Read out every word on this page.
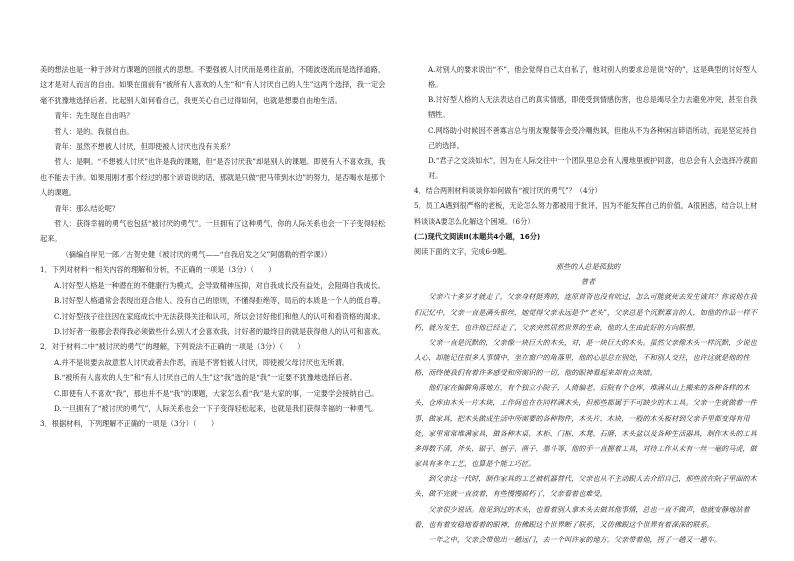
美的想法也是一种于涉对方课题的回报式的思想。不要强被人讨厌而是勇往直前，不随波逐流而是选择道路，这才是对人而言的自由。如果在面前有“被所有人喜欢的人生”和“有人讨厌自己的人生”这两个选择，我一定会毫不犹豫地选择后者。比起别人如何看自己，我更关心自己过得如何，也就是想要自由地生活。

青年：先生现在自由吗？

哲人：是的。我很自由。

青年：虽然不想被人讨厌，但即使被人讨厌也没有关系？

哲人：是啊。“不想被人讨厌”也许是我的课题，但“是否讨厌我”却是别人的课题。即使有人不喜欢我，我也不能去干涉。如果用刚才那个经过的那个谚语说的话，那就是只做“把马带到水边”的努力，是否喝水是那个人的课题。

青年：那么结论呢？

哲人：获得幸福的勇气也包括“被讨厌的勇气”。一旦拥有了这种勇气，你的人际关系也会一下子变得轻松起来。

（摘编自岸见一郎／古贺史健《被讨厌的勇气——“自我启发之父”阿德勒的哲学课》）

1．下列对材料一相关内容的理解和分析，不正确的一项是（3分）（　　）

A.讨好型人格是一种潜在的不健康行为模式，会导致精神压抑，对自我成长没有益处，会阻碍自我成长。

B.讨好型人格通常会表现出迎合他人、没有自己的原则，不懂得拒绝等，局后的本质是一个人的低自尊。

C.讨好型孩子往往因在家庭成长中无法获得关注和认可，所以会讨好他们和他人的认可和看资格的渴求。

D.讨好者一般都会表得我必须做些什么别人才会喜欢我，讨好者的最终目的就是获得他人的认可和喜欢。

2．对于材料二中“被讨厌的勇气”的理解，下列说法不正确的一项是（3分）（　　）

A.并不是说要去故意惹人讨厌或者去作恶，而是不害怕被人讨厌，即使被父母讨厌也无所谓。

B.“被所有人喜欢的人生”和“有人讨厌自己的人生”这“我”选的是“我”一定要不犹豫地选择后者。

C.即使有人不喜欢“我”，那也并不是“我”的课题，大家怎么看“我”是大家的事，一定要学会接纳自己。

D.一旦拥有了“被讨厌的勇气”，人际关系也会一下子变得轻松起来，也就是我们获得幸福的一种勇气。

3．根据材料，下列理解不正确的一项是（3分）（　　）

A.对别人的要求说出“不”，他会觉得自己太自私了，他对别人的要求总是说“好的”，这是典型的讨好型人格。

B.讨好型人格的人无法表达自己的真实情感，即使受到情感伤害，也总是竭尽全力去避免冲突，甚至自我牺牲。

C.网络助小时候因不善寡言总与朋友聚餐等会受冷嘲热讽，但他从不为各种闲言碎语所动，而是坚定持自己的选择。

D.“君子之交淡如水”，因为在人际交往中一个团队里总会有人漫地里被护同意，也总会有人会选择冷漠面对。

4．结合两则材料谈谈你如何做有“被讨厌的勇气”？（4分）

5．员工A遇到很严格的老板，无论怎么努力都被用于批评，因为不能发挥自己的价值，A很困惑，结合以上材料谈谈A要怎么化解这个困境。（6分）

(二)现代文阅读II(本题共4小题，16分)

阅读下面的文字，完成6-9题。

那些的人总是孤独的

曾者

父亲六十多岁才就走了，父亲身材挺秀的，连原首背也没有吭过，怎么可能就死去发生诚其？你说他在我们记忆中，父亲一直是满头银丝，她觉得父亲永远是个“老头”，父亲总是个沉默寡言的人，如他的作品一样不朽，就为发生，也许他已经走了，父亲突然居然世界的生命，他的人生由此好的方向联想。

父亲一直是沉默的，父亲像一块巨大的木头，对，是一块巨大的木头。虽然父亲像木头一样沉默，少说也人心，却能记住很多人事情中，坐在窗户的角落里，他的心思总在别处，不和别人交往，也许这就是他的性格，而终使我们有着许多感受和所需识的一切，他的眼神看起来却有点灰暗。

他们家在偏僻角落地方，有个独立小院子，人倚偏老。后院有个仓库，堆满从山上搬来的各种各样的木头，仓库由木头一片木块，工作间也在在同样满木头，但那些都属于不可缺少的木工具。父亲一生就做着一件事，做家具，把木头做成生活中所需要的各种物件，木头片、木块、一般的木头板材到父亲手里都变得有用处，家里常常堆满家具，做各种木桌、木柜、门框、木凳、石磨、木头盆以及各种生活器具，制作木头的工具多得数不清，斧头、锯子、刨子、凿子、墨斗等，他的手一直握着工具，对待工作从未有一丝一毫的马虎，做家具有多年工艺，也算是个能工巧匠。

到父亲这一代时，制作家具的工艺被机器替代，父亲也从不主动跟人去介绍自己，那些放在院子里面的木头，做不完就一直放着，有些慢慢腐朽了，父亲看着也难受。

父亲很少说话。他见到过的木头，也看着别人拿木头去做其他事情，总也一直不做声，他就安静地站着看，也有着安稳地看着的眼神，仿佛跟这个世界断了联系，又仿佛跟这个世界有着深深的联系。

一年之中，父亲会带他出一趟远门，去一个叫许家的地方。父亲带着他，拐了一趟又一趟车。
